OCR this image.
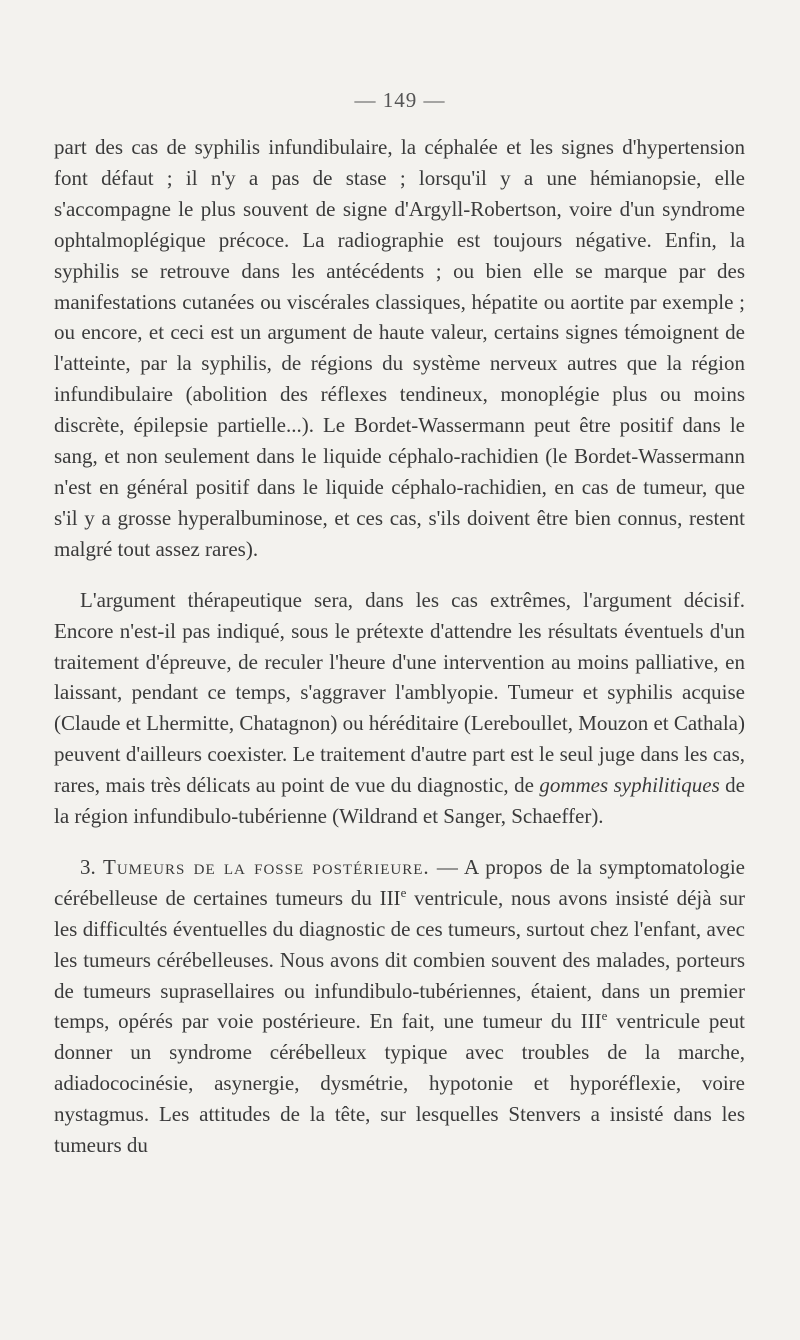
— 149 —

part des cas de syphilis infundibulaire, la céphalée et les signes d'hypertension font défaut ; il n'y a pas de stase ; lorsqu'il y a une hémianopsie, elle s'accompagne le plus souvent de signe d'Argyll-Robertson, voire d'un syndrome ophtalmoplégique précoce. La radiographie est toujours négative. Enfin, la syphilis se retrouve dans les antécédents ; ou bien elle se marque par des manifestations cutanées ou viscérales classiques, hépatite ou aortite par exemple ; ou encore, et ceci est un argument de haute valeur, certains signes témoignent de l'atteinte, par la syphilis, de régions du système nerveux autres que la région infundibulaire (abolition des réflexes tendineux, monoplégie plus ou moins discrète, épilepsie partielle...). Le Bordet-Wassermann peut être positif dans le sang, et non seulement dans le liquide céphalo-rachidien (le Bordet-Wassermann n'est en général positif dans le liquide céphalo-rachidien, en cas de tumeur, que s'il y a grosse hyperalbuminose, et ces cas, s'ils doivent être bien connus, restent malgré tout assez rares).

L'argument thérapeutique sera, dans les cas extrêmes, l'argument décisif. Encore n'est-il pas indiqué, sous le prétexte d'attendre les résultats éventuels d'un traitement d'épreuve, de reculer l'heure d'une intervention au moins palliative, en laissant, pendant ce temps, s'aggraver l'amblyopie. Tumeur et syphilis acquise (Claude et Lhermitte, Chatagnon) ou héréditaire (Lereboullet, Mouzon et Cathala) peuvent d'ailleurs coexister. Le traitement d'autre part est le seul juge dans les cas, rares, mais très délicats au point de vue du diagnostic, de gommes syphilitiques de la région infundibulo-tubérienne (Wildrand et Sanger, Schaeffer).

3. Tumeurs de la fosse postérieure. — A propos de la symptomatologie cérébelleuse de certaines tumeurs du IIIe ventricule, nous avons insisté déjà sur les difficultés éventuelles du diagnostic de ces tumeurs, surtout chez l'enfant, avec les tumeurs cérébelleuses. Nous avons dit combien souvent des malades, porteurs de tumeurs suprasellaires ou infundibulo-tubériennes, étaient, dans un premier temps, opérés par voie postérieure. En fait, une tumeur du IIIe ventricule peut donner un syndrome cérébelleux typique avec troubles de la marche, adiadococinésie, asynergie, dysmétrie, hypotonie et hyporéflexie, voire nystagmus. Les attitudes de la tête, sur lesquelles Stenvers a insisté dans les tumeurs du
